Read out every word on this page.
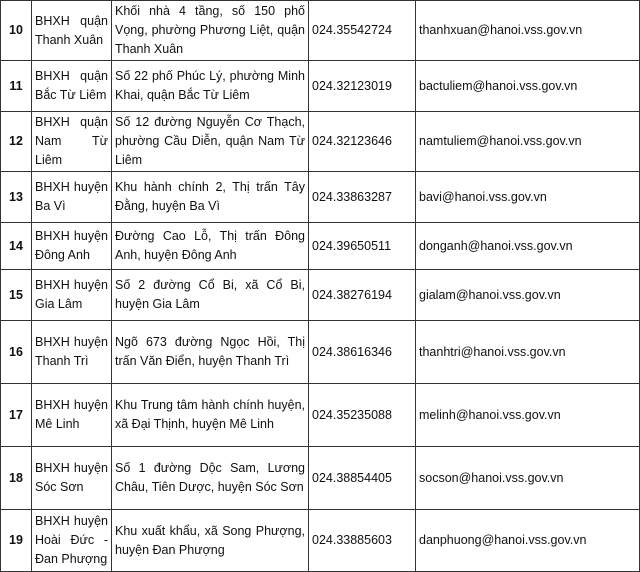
10	BHXH quận Thanh Xuân	Khối nhà 4 tầng, số 150 phố Vọng, phường Phương Liệt, quận Thanh Xuân	024.35542724	thanhxuan@hanoi.vss.gov.vn
11	BHXH quận Bắc Từ Liêm	Số 22 phố Phúc Lý, phường Minh Khai, quận Bắc Từ Liêm	024.32123019	bactuliem@hanoi.vss.gov.vn
12	BHXH quận Nam Từ Liêm	Số 12 đường Nguyễn Cơ Thạch, phường Cầu Diễn, quận Nam Từ Liêm	024.32123646	namtuliem@hanoi.vss.gov.vn
13	BHXH huyện Ba Vì	Khu hành chính 2, Thị trấn Tây Đằng, huyện Ba Vì	024.33863287	bavi@hanoi.vss.gov.vn
14	BHXH huyện Đông Anh	Đường Cao Lỗ, Thị trấn Đông Anh, huyện Đông Anh	024.39650511	donganh@hanoi.vss.gov.vn
15	BHXH huyện Gia Lâm	Số 2 đường Cổ Bi, xã Cổ Bi, huyện Gia Lâm	024.38276194	gialam@hanoi.vss.gov.vn
16	BHXH huyện Thanh Trì	Ngõ 673 đường Ngọc Hồi, Thị trấn Văn Điển, huyện Thanh Trì	024.38616346	thanhtri@hanoi.vss.gov.vn
17	BHXH huyện Mê Linh	Khu Trung tâm hành chính huyện, xã Đại Thịnh, huyện Mê Linh	024.35235088	melinh@hanoi.vss.gov.vn
18	BHXH huyện Sóc Sơn	Số 1 đường Dộc Sam, Lương Châu, Tiên Dược, huyện Sóc Sơn	024.38854405	socson@hanoi.vss.gov.vn
19	BHXH huyện Hoài Đức - Đan Phượng	Khu xuất khẩu, xã Song Phượng, huyện Đan Phượng	024.33885603	danphuong@hanoi.vss.gov.vn
